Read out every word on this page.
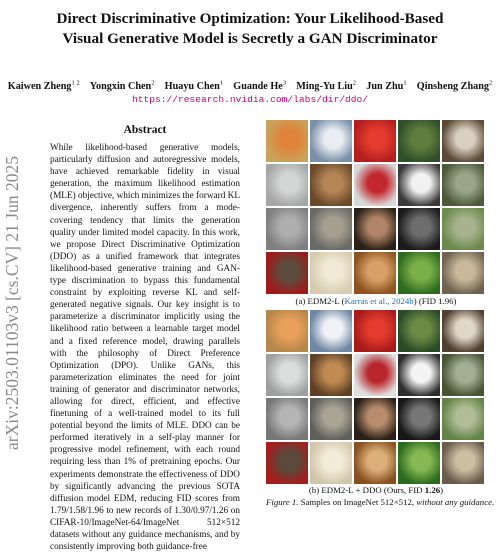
Direct Discriminative Optimization: Your Likelihood-Based
Visual Generative Model is Secretly a GAN Discriminator
Kaiwen Zheng$^{1 2}$  Yongxin Chen$^2$  Huayu Chen$^1$  Guande He$^3$  Ming-Yu Liu$^2$  Jun Zhu$^1$  Qinsheng Zhang$^2$
https://research.nvidia.com/labs/dir/ddo/
arXiv:2503.01103v3 [cs.CV] 21 Jun 2025
Abstract
While likelihood-based generative models, particularly diffusion and autoregressive models, have achieved remarkable fidelity in visual generation, the maximum likelihood estimation (MLE) objective, which minimizes the forward KL divergence, inherently suffers from a mode-covering tendency that limits the generation quality under limited model capacity. In this work, we propose Direct Discriminative Optimization (DDO) as a unified framework that integrates likelihood-based generative training and GAN-type discrimination to bypass this fundamental constraint by exploiting reverse KL and self-generated negative signals. Our key insight is to parameterize a discriminator implicitly using the likelihood ratio between a learnable target model and a fixed reference model, drawing parallels with the philosophy of Direct Preference Optimization (DPO). Unlike GANs, this parameterization eliminates the need for joint training of generator and discriminator networks, allowing for direct, efficient, and effective finetuning of a well-trained model to its full potential beyond the limits of MLE. DDO can be performed iteratively in a self-play manner for progressive model refinement, with each round requiring less than 1% of pretraining epochs. Our experiments demonstrate the effectiveness of DDO by significantly advancing the previous SOTA diffusion model EDM, reducing FID scores from 1.79/1.58/1.96 to new records of 1.30/0.97/1.26 on CIFAR-10/ImageNet-64/ImageNet 512×512 datasets without any guidance mechanisms, and by consistently improving both guidance-free
(a) EDM2-L (Karras et al., 2024b) (FID 1.96)
(b) EDM2-L + DDO (Ours, FID 1.26)
Figure 1. Samples on ImageNet 512×512, without any guidance.
